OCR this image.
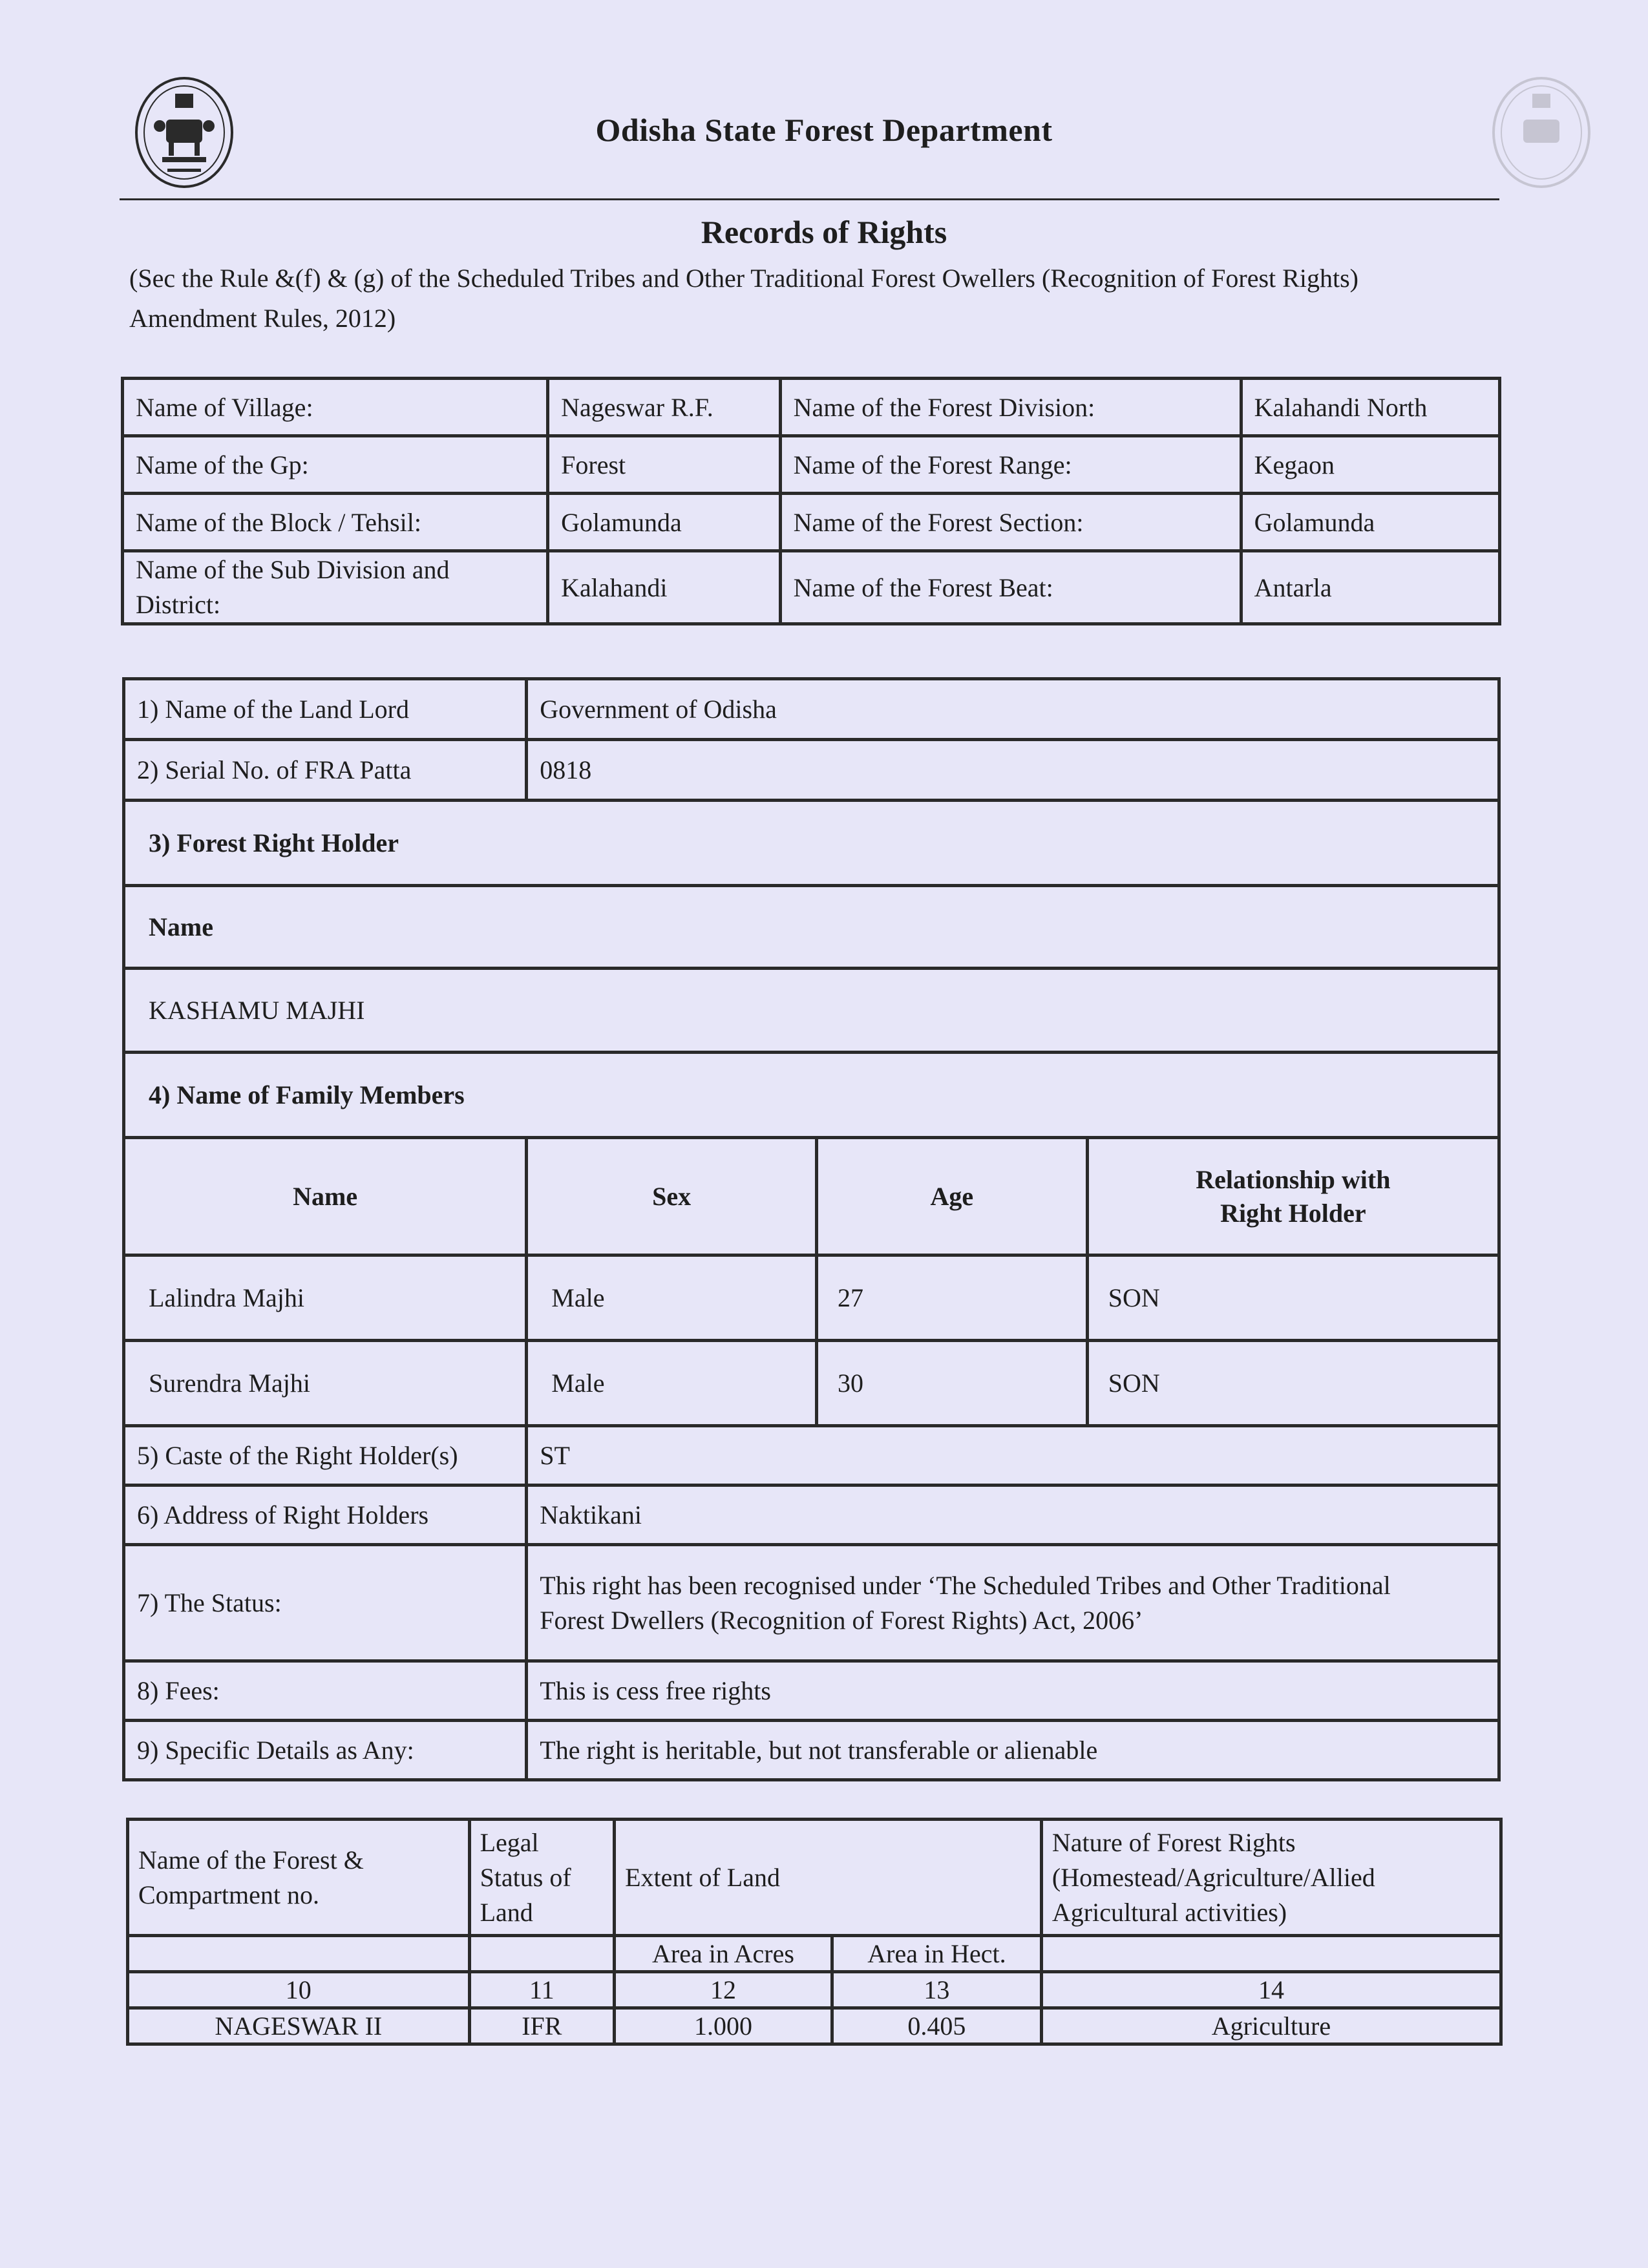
Odisha State Forest Department
Records of Rights
(Sec the Rule &(f) & (g) of the Scheduled Tribes and Other Traditional Forest Owellers (Recognition of Forest Rights) Amendment Rules, 2012)
Name of Village:	Nageswar R.F.	Name of the Forest Division:	Kalahandi North
Name of the Gp:	Forest	Name of the Forest Range:	Kegaon
Name of the Block / Tehsil:	Golamunda	Name of the Forest Section:	Golamunda
Name of the Sub Division and District:	Kalahandi	Name of the Forest Beat:	Antarla
1) Name of the Land Lord	Government of Odisha		
2) Serial No. of FRA Patta	0818		
3) Forest Right Holder			
Name			
KASHAMU MAJHI			
4) Name of Family Members			
Name	Sex	Age	Relationship with Right Holder
Lalindra Majhi	Male	27	SON
Surendra Majhi	Male	30	SON
5) Caste of the Right Holder(s)	ST		
6) Address of Right Holders	Naktikani		
7) The Status:	This right has been recognised under ‘The Scheduled Tribes and Other Traditional
Forest Dwellers (Recognition of Forest Rights) Act, 2006’		

8) Fees:	This is cess free rights		
9) Specific Details as Any:	The right is heritable, but not transferable or alienable		
Name of the Forest & Compartment no.	Legal Status of Land	Extent of Land		Nature of Forest Rights (Homestead/Agriculture/Allied Agricultural activities)
		Area in Acres	Area in Hect.	
10	11	12	13	14
NAGESWAR II	IFR	1.000	0.405	Agriculture
